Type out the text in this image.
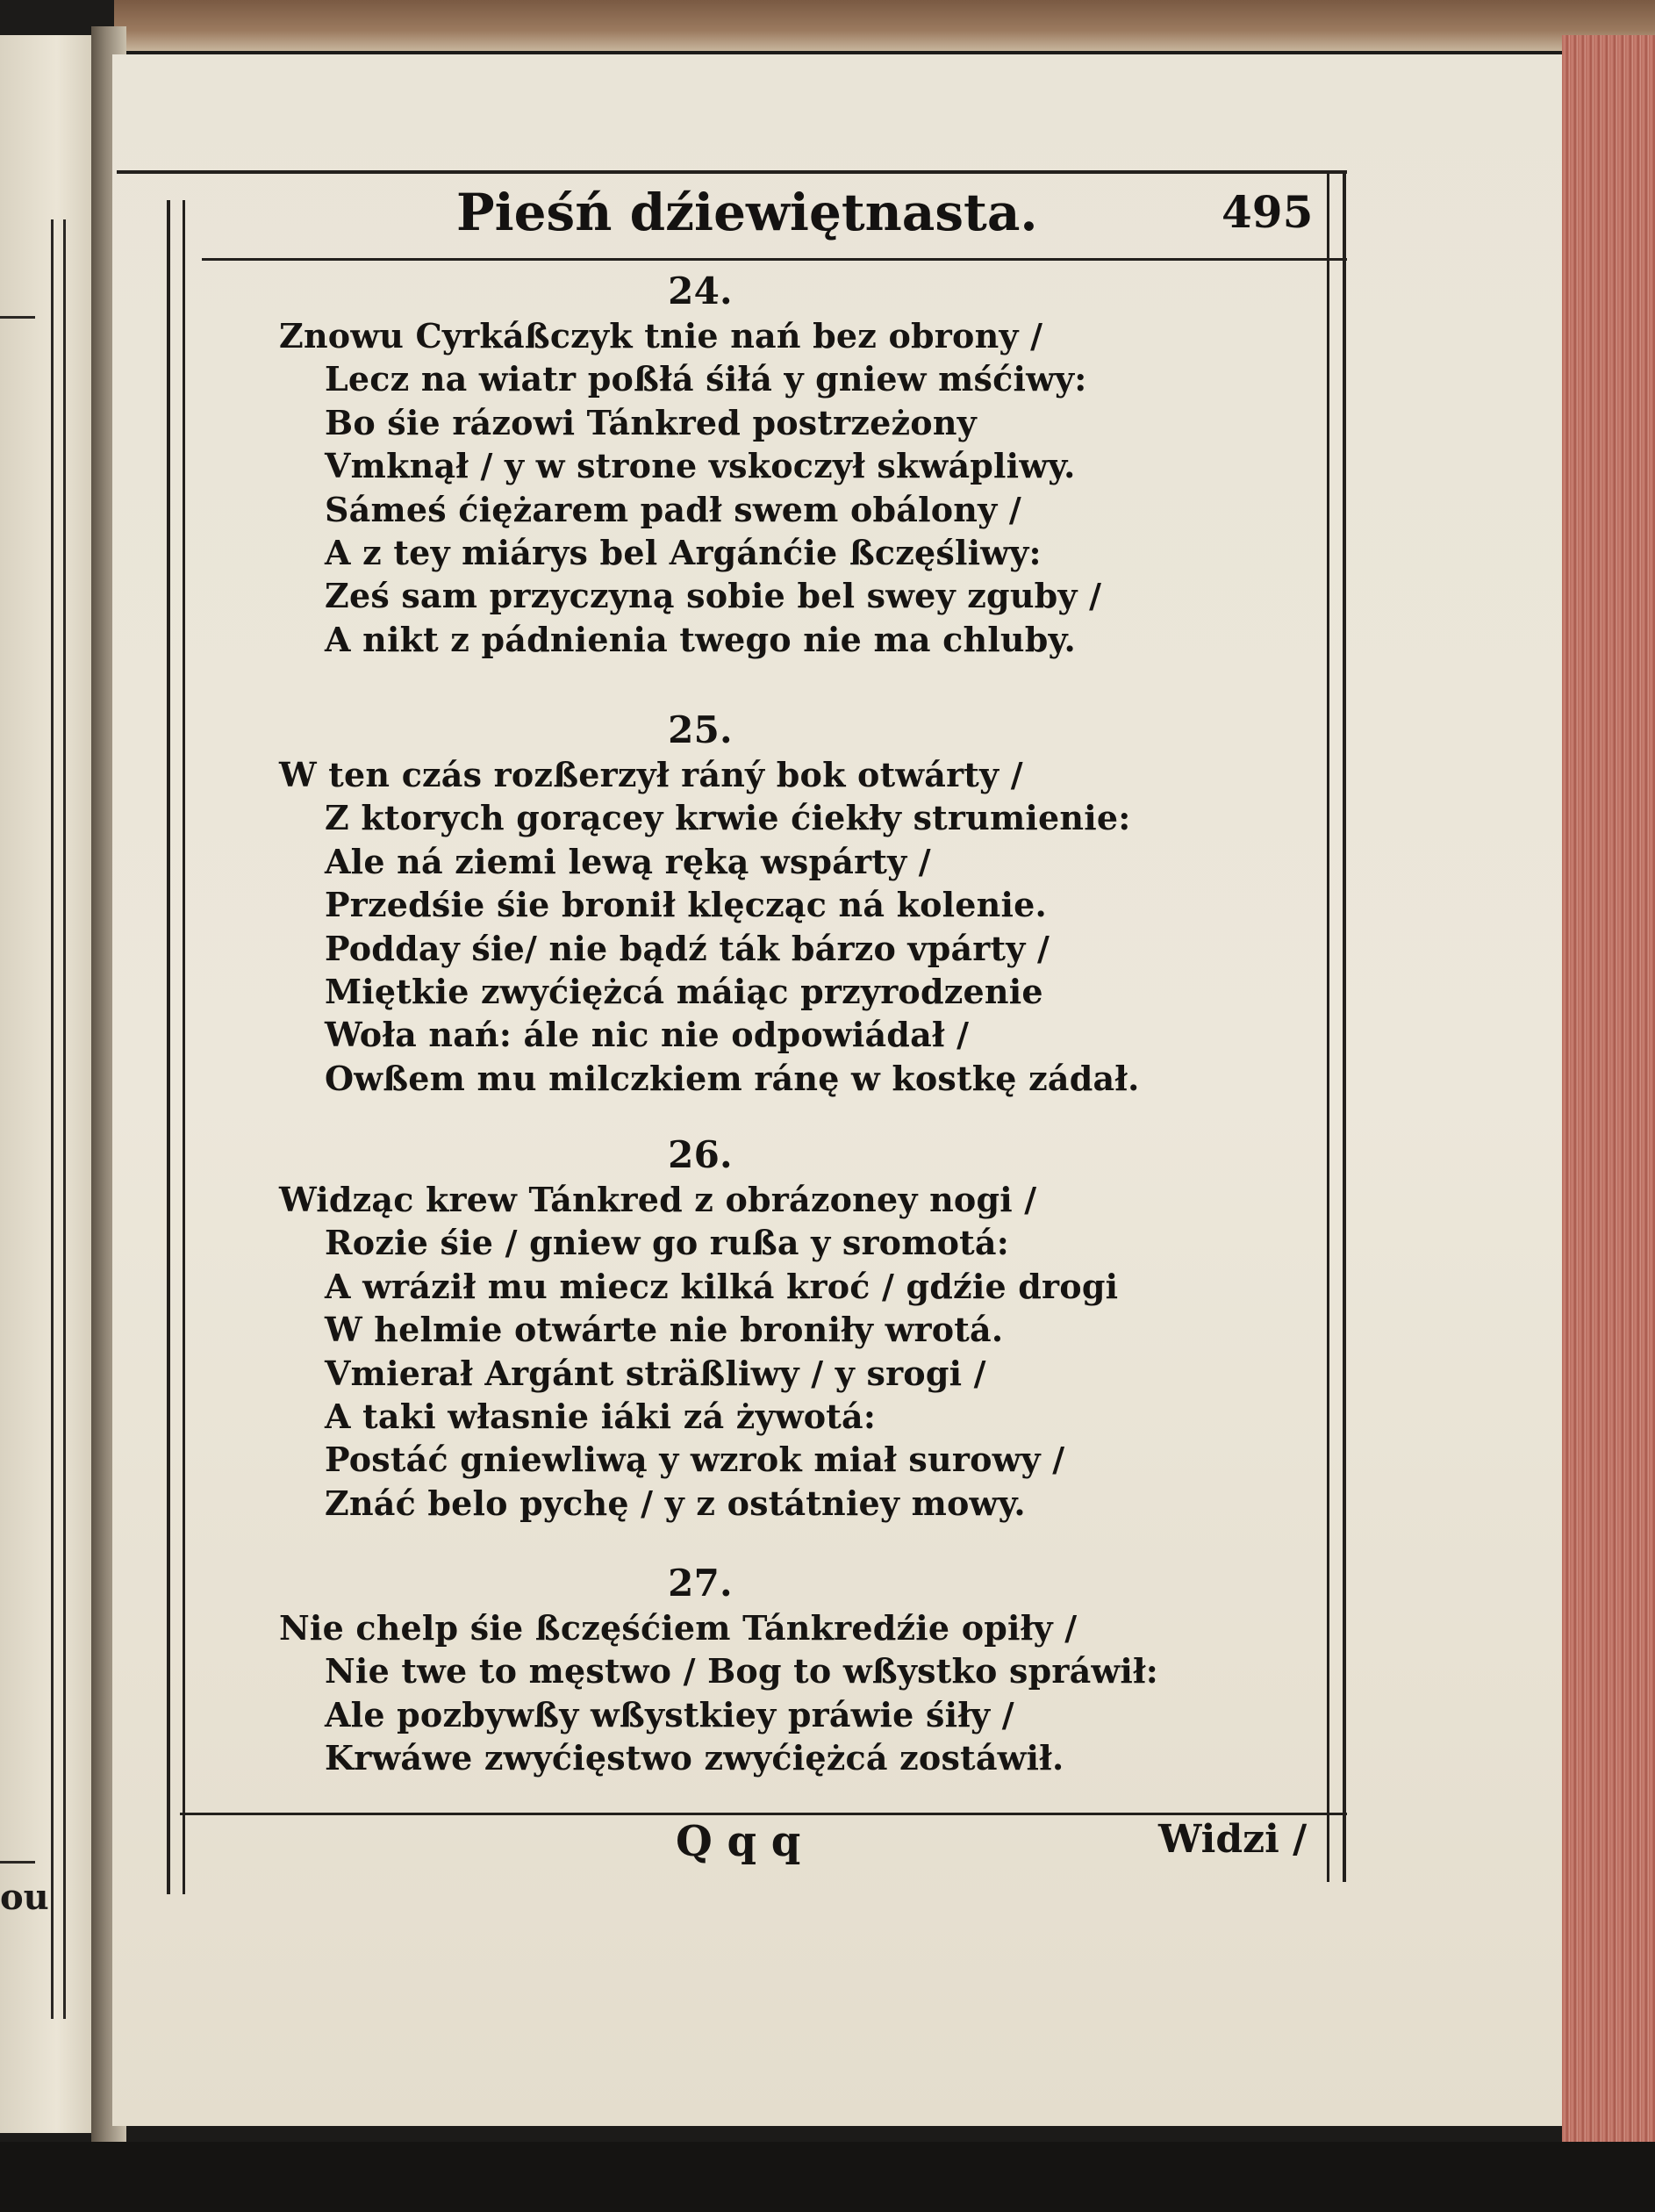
ou
Pieśń dźiewiętnasta.	495
24.
Znowu Cyrkáßczyk tnie nań bez obrony /
Lecz na wiatr poßłá śiłá y gniew mśćiwy:
Bo śie rázowi Tánkred postrzeżony
Vmknął / y w strone vskoczył skwápliwy.
Sámeś ćiężarem padł swem obálony /
A z tey miárys bel Argánćie ßczęśliwy:
Ześ sam przyczyną sobie bel swey zguby /
A nikt z pádnienia twego nie ma chluby.
25.
W ten czás rozßerzył ráný bok otwárty /
Z ktorych gorącey krwie ćiekły strumienie:
Ale ná ziemi lewą ręką wspárty /
Przedśie śie bronił klęcząc ná kolenie.
Podday śie/ nie bądź ták bárzo vpárty /
Miętkie zwyćiężcá máiąc przyrodzenie
Woła nań: ále nic nie odpowiádał /
Owßem mu milczkiem ránę w kostkę zádał.
26.
Widząc krew Tánkred z obrázoney nogi /
Rozie śie / gniew go rußa y sromotá:
A wráził mu miecz kilká kroć / gdźie drogi
W helmie otwárte nie broniły wrotá.
Vmierał Argánt sträßliwy / y srogi /
A taki własnie iáki zá żywotá:
Postáć gniewliwą y wzrok miał surowy /
Znáć belo pychę / y z ostátniey mowy.
27.
Nie chelp śie ßczęśćiem Tánkredźie opiły /
Nie twe to męstwo / Bog to wßystko spráwił:
Ale pozbywßy wßystkiey práwie śiły /
Krwáwe zwyćięstwo zwyćiężcá zostáwił.
Q q q	Widzi /
